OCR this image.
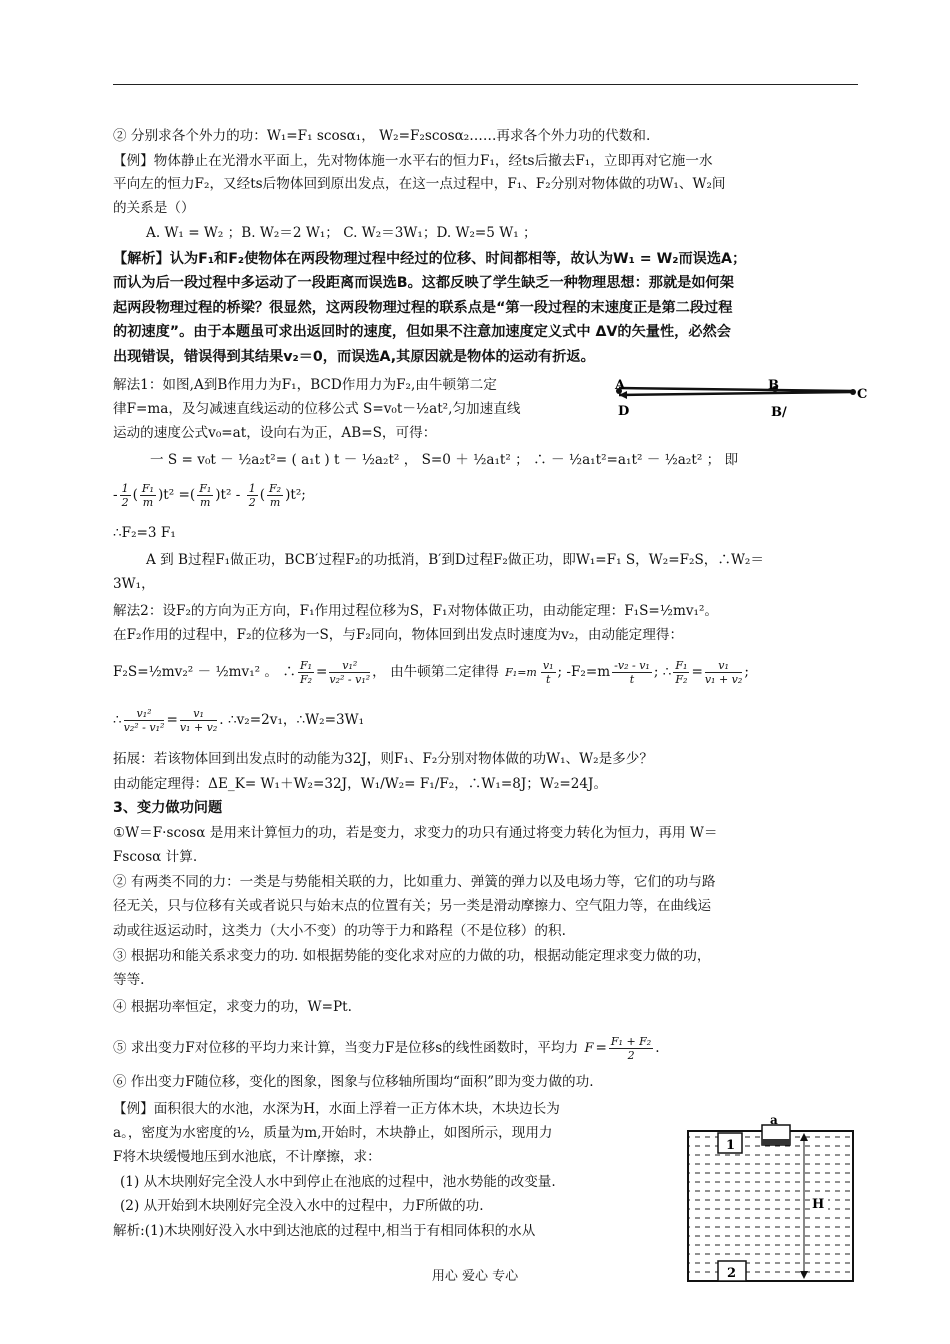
② 分别求各个外力的功：W₁=F₁ scosα₁， W₂=F₂scosα₂……再求各个外力功的代数和.
【例】物体静止在光滑水平面上，先对物体施一水平右的恒力F₁，经ts后撤去F₁，立即再对它施一水
平向左的恒力F₂，又经ts后物体回到原出发点，在这一点过程中，F₁、F₂分别对物体做的功W₁、W₂间
的关系是（）
A. W₁ = W₂ ；B. W₂＝2 W₁； C. W₂＝3W₁；D. W₂=5 W₁ ；
【解析】认为F₁和F₂使物体在两段物理过程中经过的位移、时间都相等，故认为W₁ = W₂而误选A；
而认为后一段过程中多运动了一段距离而误选B。这都反映了学生缺乏一种物理思想：那就是如何架
起两段物理过程的桥梁？很显然，这两段物理过程的联系点是“第一段过程的末速度正是第二段过程
的初速度”。由于本题虽可求出返回时的速度，但如果不注意加速度定义式中 ΔV的矢量性，必然会
出现错误，错误得到其结果v₂＝0，而误选A,其原因就是物体的运动有折返。
解法1：如图,A到B作用力为F₁，BCD作用力为F₂,由牛顿第二定
律F=ma，及匀减速直线运动的位移公式 S=v₀t－½at²,匀加速直线
运动的速度公式v₀=at，设向右为正，AB=S，可得：
A	B
C
D	B/
一 S = v₀t － ½a₂t²= ( a₁t ) t － ½a₂t² ， S=0 ＋ ½a₁t² ； ∴ － ½a₁t²=a₁t² － ½a₂t² ； 即
- $\frac{1}{2}$ ( $\frac{\text{F₁}}{m} )t^2$ =( $\frac{\text{F₁}}{m} )t^2 - \frac{1}{2}$ ( $\frac{\text{F₂}}{m} )t^2$;
∴F₂=3 F₁
A 到 B过程F₁做正功，BCB′过程F₂的功抵消，B′到D过程F₂做正功，即W₁=F₁ S，W₂=F₂S，∴W₂＝
3W₁，
解法2：设F₂的方向为正方向，F₁作用过程位移为S，F₁对物体做正功，由动能定理：F₁S=½mv₁²。
在F₂作用的过程中，F₂的位移为一S，与F₂同向，物体回到出发点时速度为v₂，由动能定理得：
F₂S=½mv₂² － ½mv₁² 。 ∴ $\frac{\text{F₁}}{\text{F₂}} = \frac{\text{v₁²}}{\text{v₂² - v₁²}}$ ， 由牛顿第二定律得 $F_1=m \frac{\text{v₁}}{t}$ ; $-F_2=m \frac{\text{-v₂ - v₁}}{t}$ ; ∴ $\frac{\text{F₁}}{\text{F₂}} = \frac{\text{v₁}}{\text{v₁ + v₂}}$ ;
∴ $\frac{\text{v₁²}}{\text{v₂² - v₁²}} = \frac{\text{v₁}}{\text{v₁ + v₂}}$ . ∴v₂=2v₁，∴W₂=3W₁
拓展：若该物体回到出发点时的动能为32J，则F₁、F₂分别对物体做的功W₁、W₂是多少？
由动能定理得：ΔE_K= W₁＋W₂=32J，W₁/W₂= F₁/F₂，∴W₁=8J；W₂=24J。
3、变力做功问题
①W＝F·scosα 是用来计算恒力的功，若是变力，求变力的功只有通过将变力转化为恒力，再用 W＝
Fscosα 计算.
② 有两类不同的力：一类是与势能相关联的力，比如重力、弹簧的弹力以及电场力等，它们的功与路
径无关，只与位移有关或者说只与始末点的位置有关；另一类是滑动摩擦力、空气阻力等，在曲线运
动或往返运动时，这类力（大小不变）的功等于力和路程（不是位移）的积.
③ 根据功和能关系求变力的功. 如根据势能的变化求对应的力做的功，根据动能定理求变力做的功，
等等.
④ 根据功率恒定，求变力的功，W=Pt.
⑤ 求出变力F对位移的平均力来计算，当变力F是位移s的线性函数时，平均力 $F = \frac{\text{F₁ + F₂}}{2}$ .
⑥ 作出变力F随位移，变化的图象，图象与位移轴所围均“面积”即为变力做的功.
【例】面积很大的水池，水深为H，水面上浮着一正方体木块，木块边长为
a。，密度为水密度的½，质量为m,开始时，木块静止，如图所示，现用力
F将木块缓慢地压到水池底，不计摩擦，求：
(1) 从木块刚好完全没人水中到停止在池底的过程中，池水势能的改变量.
(2) 从开始到木块刚好完全没入水中的过程中，力F所做的功.
解析:(1)木块刚好没入水中到达池底的过程中,相当于有相同体积的水从
a
1
H
2
用心 爱心 专心
